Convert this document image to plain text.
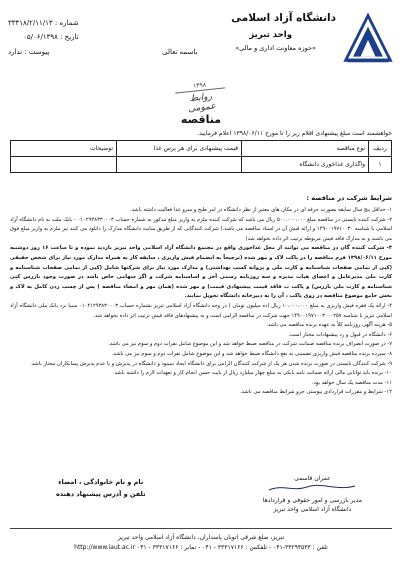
دانشگاه آزاد اسلامی
واحد تبریز
«حوزه معاونت اداری و مالی»
باسمه تعالی
شماره : ۳۳۴۱۸/۲/۱۱/۱۳
تاریخ : ۰۵/۰۶/۱۳۹۸
پیوست : ندارد
۱۳۹۸
روابط عمومی
مناقصه
خواهشمند است مبلغ پیشنهادی اقلام زیر را تا مورخ ۱۳۹۸/۰۶/۱۱ اعلام فرمایید.
ردیف	نوع مناقصه	قیمت پیشنهادی برای هر پرس غذا	توضیحات
۱	واگذاری غذاخوری دانشگاه		
شرایط شرکت در مناقصه :

۱- حداقل پنج سال سابقه بصورت حرفه ای در مکان های معتبر از نظر دانشگاه در امر طبخ و سرو غذا فعالیت داشته باشد.

۲- شرکت کننده بایستی در مناقصه مبلغ ۵۰۰،۰۰۰،۰۰۰ ریال می باشد که شرکت کننده ملزم به واریز مبلغ مذکور به شماره حساب ۰۱۰۲۹۳۸۳۳۰۰۰۳ - بانک ملت به نام دانشگاه آزاد اسلامی با شناسه ۱۴۹۰۰۱۹۷۱۰۰۳۰ و ارائه فیش آن در اسناد مناقصه می باشد.( شرکت کنندگانی که از طریق سایت دانشگاه مدارک را دانلود می کنند نیز ملزم به واریز مبلغ فوق می باشند و به مدارک فاقد فیش مربوطه ترتیب اثر داده نخواهد شد)

۳- شرکت کننده گان در مناقصه می توانند از محل غذاخوری واقع در مجتمع دانشگاه آزاد اسلامی واحد تبریز بازدید نموده و تا ساعت ۱۶ روز دوشنبه مورخ ۱۳۹۸/۰۶/۱۱ فرم مناقصه را در پاکت لاک و مهر شده (ترجیحاً به انضمام فیش واریزی ، سابقه کار به همراه مدارک مورد نیاز برای شخص حقیقی (کپی از تمامی صفحات شناسنامه و کارت ملی و پروانه کسب بهداشتی) و مدارک مورد نیاز برای شرکتها شامل (کپی از تمامی صفحات شناسنامه و کارت ملی مدیرعامل و اعضای هیات مدیره و سه روزنامه رسمی آخر و اساسنامه شرکت و اگر سهامی خاص باشد در صورت وجود بازرس کپی شناسنامه و کارت ملی بازرس) و پاکت ب فاقد قیمت پیشنهادی قیمت) و مهر شده (همان مهر و امضاء مناقصه ) پس از چسب زدن کامل به لاک و بخش جامع موضوع مناقصه در روی پاکت ، آن را به دبیرخانه دانشگاه تحویل نمایند.

۴- ارائه یک فقره فیش واریزی به مبلغ ۱۰،۰۰۰،۰۰۰ ریال (ده میلیون تومان ) در وجه دانشگاه آزاد اسلامی تبریز بشماره حساب ۰۱۰۴۱۲۹۳۸۳۰۰۰۳ سیبا نزد بانک ملی دانشگاه آزاد اسلامی تبریز با شناسه ۱۴۹۰۰۱۹۷۱۰۰۳۰۰۰۲۵۷ جهت شرکت در مناقصه الزامی است و به پیشنهادهای فاقد فیش ترتیب اثر داده نخواهد شد.

۵- هزینه آگهی روزنامه کلاً به عهده برنده مناقصه می باشد.

۶- دانشگاه در قبول و رد پیشنهادات مختار است.

۷- در صورت انصراف برنده مناقصه ضمانت شرکت در مناقصه ضبط خواهد شد و این موضوع شامل نفرات دوم و سوم نیز می باشد.

۸- سپرده برنده مناقصه فیش واریزی تضمینی به نفع دانشگاه ضبط خواهد شد و این موضوع شامل نفرات دوم و سوم نیز می باشد.

۹- شرکت کنندگان بایستی در صورت برنده شدن هر یک از شرکت کنندگان الزامی برای دانشگاه ایجاد نمینود و دانشگاه در پذیرش و یا عدم پذیرش پیمانکاران مختار باشد.

۱۰- برنده باید توانایی مالی ارائه ضمانت نامه بانکی به مبلغ چهار میلیارد ریال از بابت حسن انجام کار و تعهدات لازم را داشته باشد.

۱۱- مدت مناقصه یک سال خواهد بود.

۱۲- شرایط و مقررات قراردادی پیوستی جزو شرایط مناقصه می باشد.

عمران قاسمی
مدیر بازرسی و امور حقوقی و قراردادها
دانشگاه آزاد اسلامی واحد تبریز
نام و نام خانوادگی ، امضاء
تلفن و آدرس پیشنهاد دهنده
تبریز، ضلع شرقی اتوبان پاسداران، دانشگاه آزاد اسلامی واحد تبریز
تلفن : ۳۳۲۹۴۵۳۳-۰۴۱ - تلفکس : ۳۳۳۱۷۱۶۶ - ۰۴۱ - نمابر : ۳۳۳۱۷۱۶۶ - ۰۴۱ http://www.iaut.ac.ir
